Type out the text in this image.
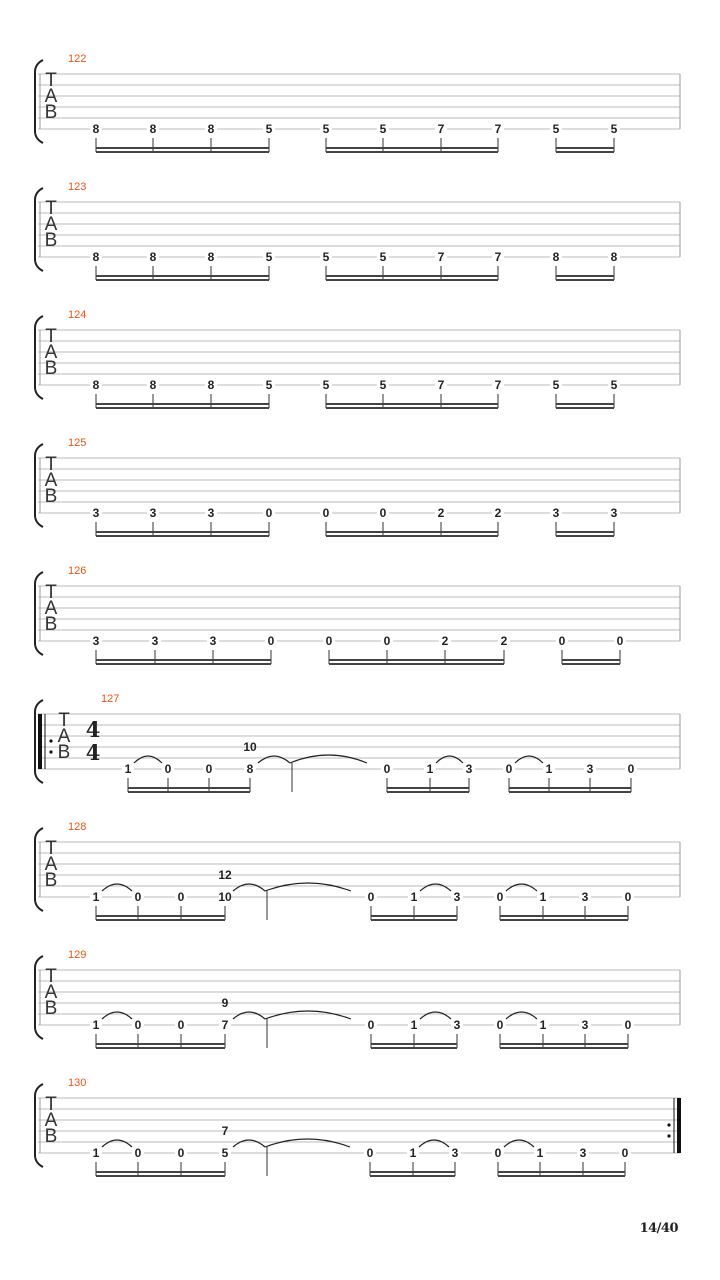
122
T
A
B
8	8	8	5	5	5	7	7	5	5
123
T
A
B
8	8	8	5	5	5	7	7	8	8
124
T
A
B
8	8	8	5	5	5	7	7	5	5
125
T
A
B
3	3	3	0	0	0	2	2	3	3
126
T
A
B
3	3	3	0	0	0	2	2	0	0
127
T
A
B
4
4
1	0	0	8
10
0	1	3	0	1	3	0
128
T
A
B
1	0	0	10
12
0	1	3	0	1	3	0
129
T
A
B
1	0	0	7
9
0	1	3	0	1	3	0
130
T
A
B
1	0	0	5
7
0	1	3	0	1	3	0
14/40
